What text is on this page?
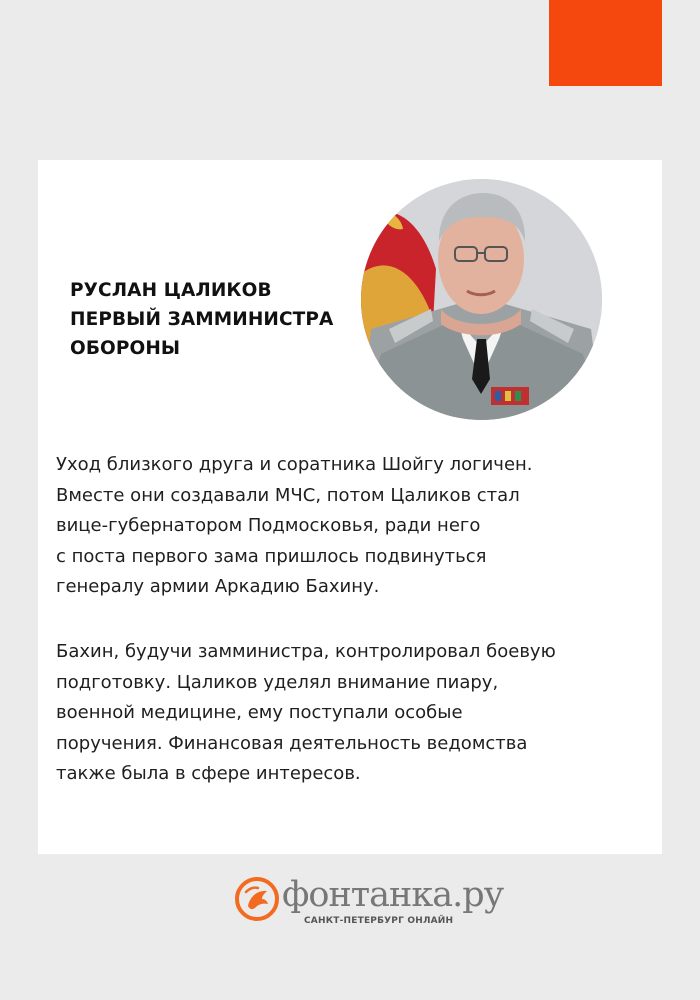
РУСЛАН ЦАЛИКОВ
ПЕРВЫЙ ЗАММИНИСТРА
ОБОРОНЫ

Уход близкого друга и соратника Шойгу логичен.
Вместе они создавали МЧС, потом Цаликов стал
вице-губернатором Подмосковья, ради него
с поста первого зама пришлось подвинуться
генералу армии Аркадию Бахину.

Бахин, будучи замминистра, контролировал боевую
подготовку. Цаликов уделял внимание пиару,
военной медицине, ему поступали особые
поручения. Финансовая деятельность ведомства
также была в сфере интересов.

фонтанка.ру
САНКТ-ПЕТЕРБУРГ ОНЛАЙН
